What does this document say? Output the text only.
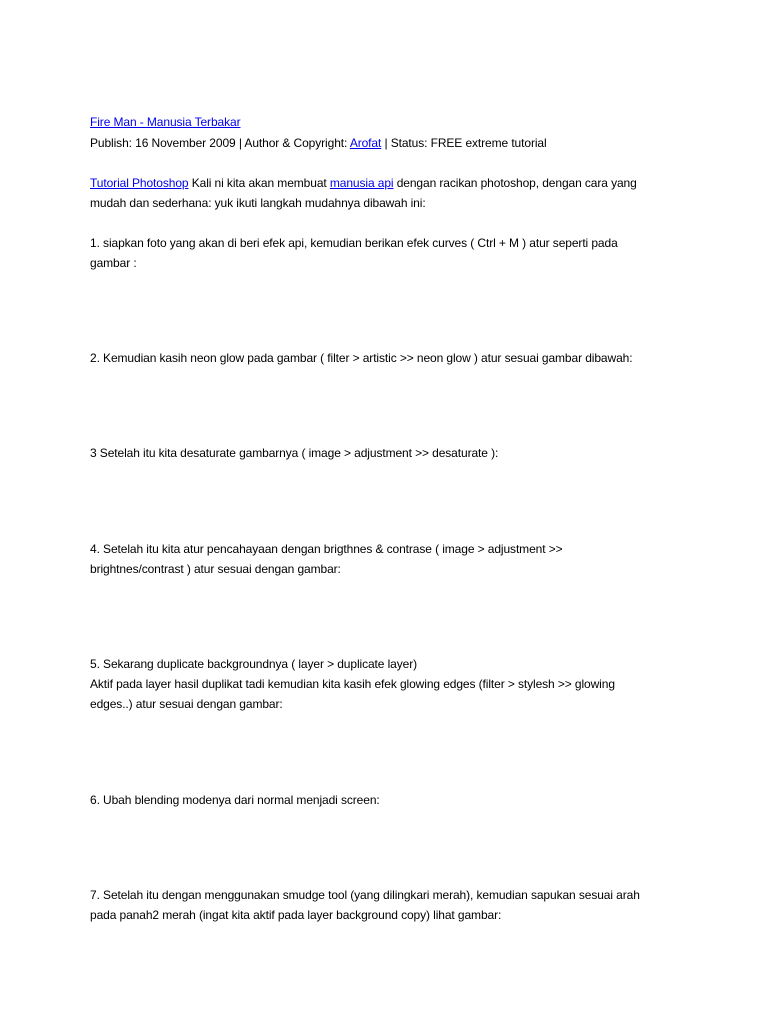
Fire Man - Manusia Terbakar
Publish: 16 November 2009 | Author & Copyright: Arofat | Status: FREE extreme tutorial
Tutorial Photoshop Kali ni kita akan membuat manusia api dengan racikan photoshop, dengan cara yang
mudah dan sederhana: yuk ikuti langkah mudahnya dibawah ini:
1. siapkan foto yang akan di beri efek api, kemudian berikan efek curves ( Ctrl + M ) atur seperti pada
gambar :
2. Kemudian kasih neon glow pada gambar ( filter > artistic >> neon glow ) atur sesuai gambar dibawah:
3 Setelah itu kita desaturate gambarnya ( image > adjustment >> desaturate ):
4. Setelah itu kita atur pencahayaan dengan brigthnes & contrase ( image > adjustment >>
brightnes/contrast ) atur sesuai dengan gambar:
5. Sekarang duplicate backgroundnya ( layer > duplicate layer)
Aktif pada layer hasil duplikat tadi kemudian kita kasih efek glowing edges (filter > stylesh >> glowing
edges..) atur sesuai dengan gambar:
6. Ubah blending modenya dari normal menjadi screen:
7. Setelah itu dengan menggunakan smudge tool (yang dilingkari merah), kemudian sapukan sesuai arah
pada panah2 merah (ingat kita aktif pada layer background copy) lihat gambar:
